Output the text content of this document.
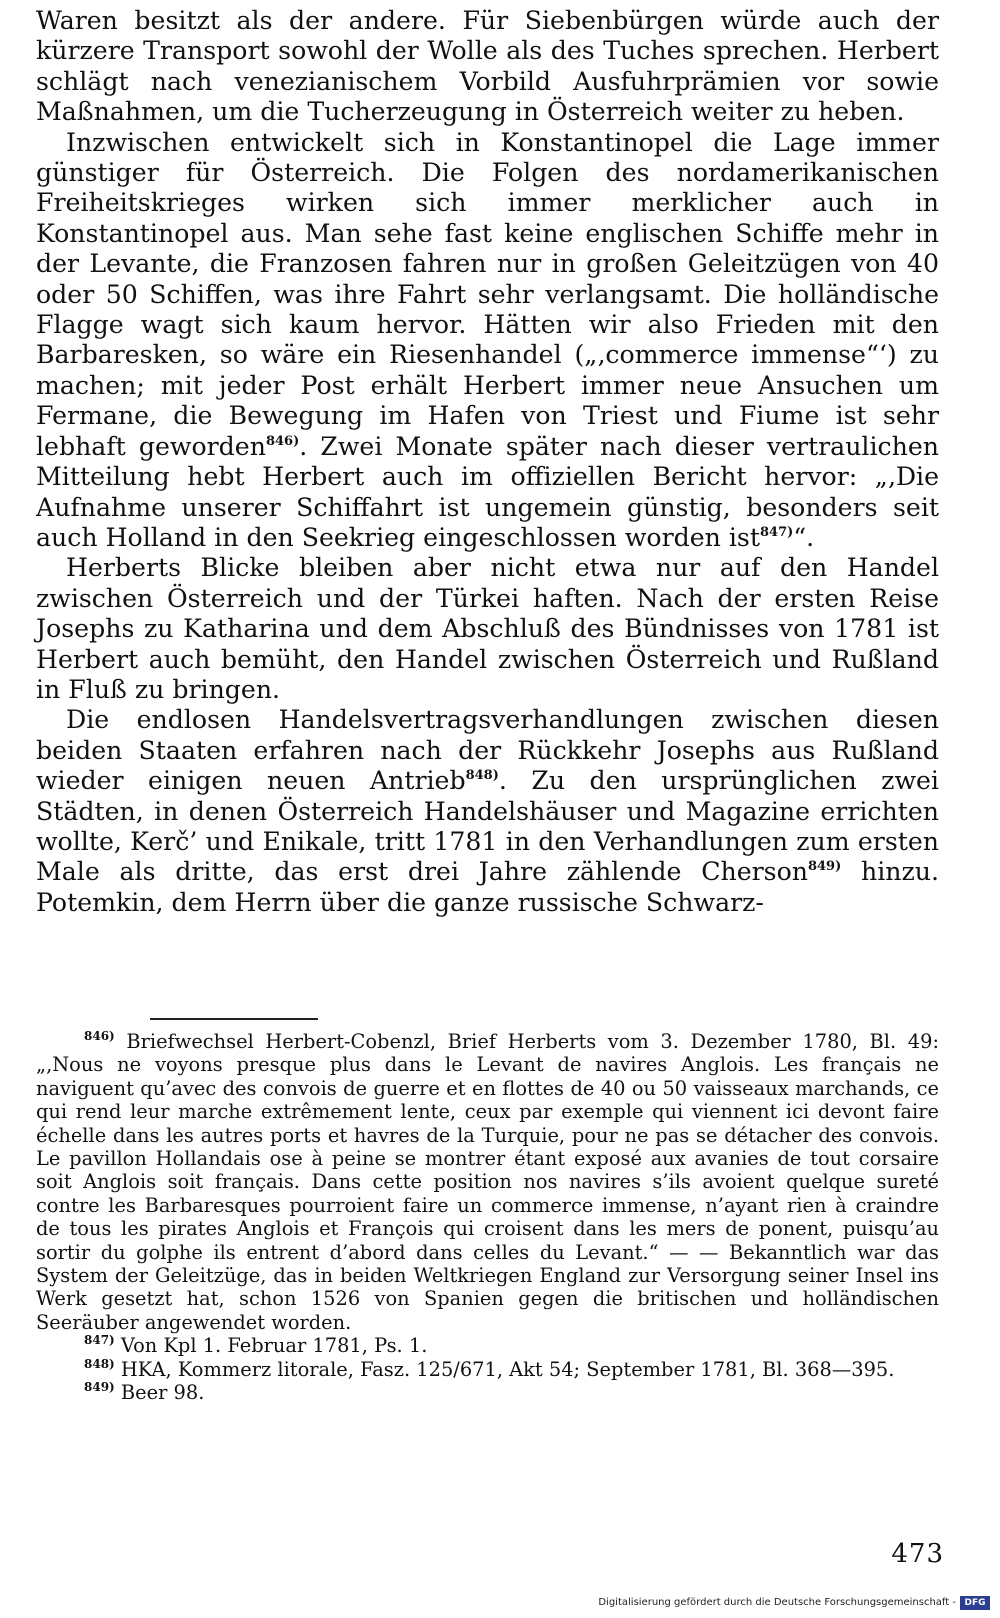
Waren besitzt als der andere. Für Siebenbürgen würde auch der kürzere Transport sowohl der Wolle als des Tuches sprechen. Herbert schlägt nach venezianischem Vorbild Ausfuhrprämien vor sowie Maßnahmen, um die Tucherzeugung in Österreich weiter zu heben.

Inzwischen entwickelt sich in Konstantinopel die Lage immer günstiger für Österreich. Die Folgen des nordamerikanischen Freiheitskrieges wirken sich immer merklicher auch in Konstantinopel aus. Man sehe fast keine englischen Schiffe mehr in der Levante, die Franzosen fahren nur in großen Geleitzügen von 40 oder 50 Schiffen, was ihre Fahrt sehr verlangsamt. Die holländische Flagge wagt sich kaum hervor. Hätten wir also Frieden mit den Barbaresken, so wäre ein Riesenhandel („‚commerce immense“‘) zu machen; mit jeder Post erhält Herbert immer neue Ansuchen um Fermane, die Bewegung im Hafen von Triest und Fiume ist sehr lebhaft geworden$^{846)}$. Zwei Monate später nach dieser vertraulichen Mitteilung hebt Herbert auch im offiziellen Bericht hervor: „‚Die Aufnahme unserer Schiffahrt ist ungemein günstig, besonders seit auch Holland in den Seekrieg eingeschlossen worden ist$^{847)}$“.

Herberts Blicke bleiben aber nicht etwa nur auf den Handel zwischen Österreich und der Türkei haften. Nach der ersten Reise Josephs zu Katharina und dem Abschluß des Bündnisses von 1781 ist Herbert auch bemüht, den Handel zwischen Österreich und Rußland in Fluß zu bringen.

Die endlosen Handelsvertragsverhandlungen zwischen diesen beiden Staaten erfahren nach der Rückkehr Josephs aus Rußland wieder einigen neuen Antrieb$^{848)}$. Zu den ursprünglichen zwei Städten, in denen Österreich Handelshäuser und Magazine errichten wollte, Kerč’ und Enikale, tritt 1781 in den Verhandlungen zum ersten Male als dritte, das erst drei Jahre zählende Cherson$^{849)}$ hinzu. Potemkin, dem Herrn über die ganze russische Schwarz-

$^{846)}$ Briefwechsel Herbert-Cobenzl, Brief Herberts vom 3. Dezember 1780, Bl. 49: „‚Nous ne voyons presque plus dans le Levant de navires Anglois. Les français ne naviguent qu’avec des convois de guerre et en flottes de 40 ou 50 vaisseaux marchands, ce qui rend leur marche extrêmement lente, ceux par exemple qui viennent ici devont faire échelle dans les autres ports et havres de la Turquie, pour ne pas se détacher des convois. Le pavillon Hollandais ose à peine se montrer étant exposé aux avanies de tout corsaire soit Anglois soit français. Dans cette position nos navires s’ils avoient quelque sureté contre les Barbaresques pourroient faire un commerce immense, n’ayant rien à craindre de tous les pirates Anglois et François qui croisent dans les mers de ponent, puisqu’au sortir du golphe ils entrent d’abord dans celles du Levant.“ — — Bekanntlich war das System der Geleitzüge, das in beiden Weltkriegen England zur Versorgung seiner Insel ins Werk gesetzt hat, schon 1526 von Spanien gegen die britischen und holländischen Seeräuber angewendet worden.

$^{847)}$ Von Kpl 1. Februar 1781, Ps. 1.

$^{848)}$ HKA, Kommerz litorale, Fasz. 125/671, Akt 54; September 1781, Bl. 368—395.

$^{849)}$ Beer 98.

473
Digitalisierung gefördert durch die Deutsche Forschungsgemeinschaft - DFG
